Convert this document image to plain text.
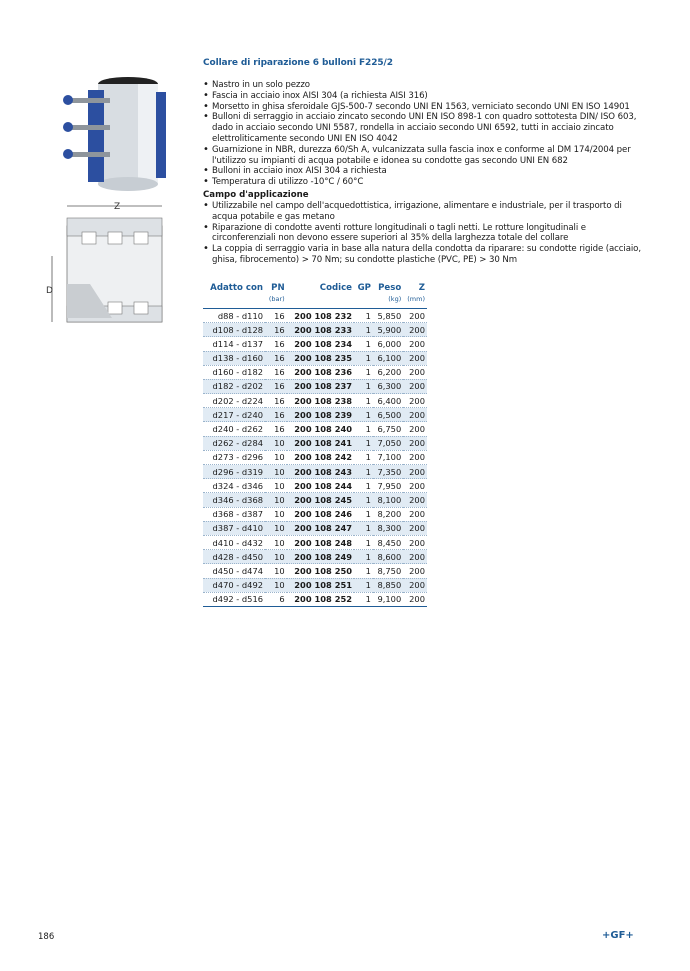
Z
D
Collare di riparazione 6 bulloni F225/2
• Nastro in un solo pezzo
• Fascia in acciaio inox AISI 304 (a richiesta AISI 316)
• Morsetto in ghisa sferoidale GJS-500-7 secondo UNI EN 1563, verniciato secondo UNI EN ISO 14901
• Bulloni di serraggio in acciaio zincato secondo UNI EN ISO 898-1 con quadro sottotesta DIN/ ISO 603, dado in acciaio secondo UNI 5587, rondella in acciaio secondo UNI 6592, tutti in acciaio zincato elettroliticamente secondo UNI EN ISO 4042
• Guarnizione in NBR, durezza 60/Sh A, vulcanizzata sulla fascia inox e conforme al DM 174/2004 per l'utilizzo su impianti di acqua potabile e idonea su condotte gas secondo UNI EN 682
• Bulloni in acciaio inox AISI 304 a richiesta
• Temperatura di utilizzo -10°C / 60°C
Campo d'applicazione
• Utilizzabile nel campo dell'acquedottistica, irrigazione, alimentare e industriale, per il trasporto di acqua potabile e gas metano
• Riparazione di condotte aventi rotture longitudinali o tagli netti. Le rotture longitudinali e circonferenziali non devono essere superiori al 35% della larghezza totale del collare
• La coppia di serraggio varia in base alla natura della condotta da riparare: su condotte rigide (acciaio, ghisa, fibrocemento) > 70 Nm; su condotte plastiche (PVC, PE) > 30 Nm
Adatto con	PN	Codice	GP	Peso	Z
	(bar)			(kg)	(mm)
d88 - d110	16	200 108 232	1	5,850	200
d108 - d128	16	200 108 233	1	5,900	200
d114 - d137	16	200 108 234	1	6,000	200
d138 - d160	16	200 108 235	1	6,100	200
d160 - d182	16	200 108 236	1	6,200	200
d182 - d202	16	200 108 237	1	6,300	200
d202 - d224	16	200 108 238	1	6,400	200
d217 - d240	16	200 108 239	1	6,500	200
d240 - d262	16	200 108 240	1	6,750	200
d262 - d284	10	200 108 241	1	7,050	200
d273 - d296	10	200 108 242	1	7,100	200
d296 - d319	10	200 108 243	1	7,350	200
d324 - d346	10	200 108 244	1	7,950	200
d346 - d368	10	200 108 245	1	8,100	200
d368 - d387	10	200 108 246	1	8,200	200
d387 - d410	10	200 108 247	1	8,300	200
d410 - d432	10	200 108 248	1	8,450	200
d428 - d450	10	200 108 249	1	8,600	200
d450 - d474	10	200 108 250	1	8,750	200
d470 - d492	10	200 108 251	1	8,850	200
d492 - d516	6	200 108 252	1	9,100	200
186	+GF+
